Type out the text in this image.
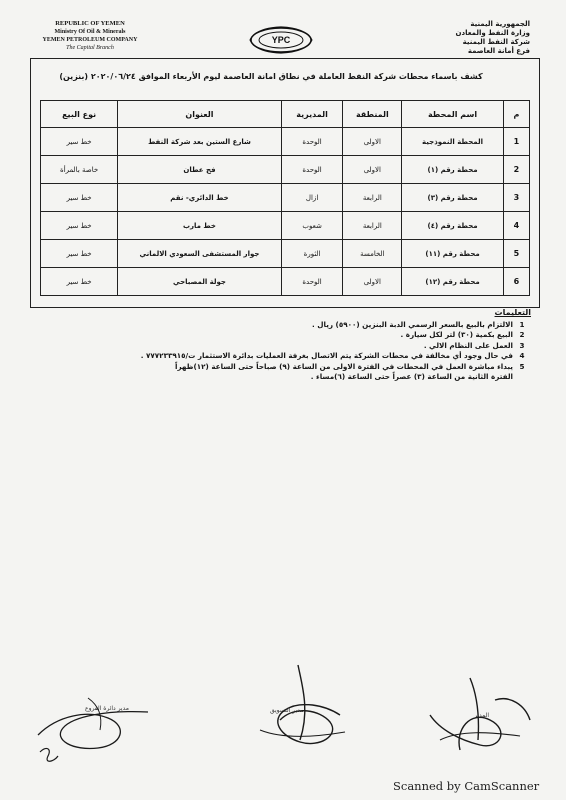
REPUBLIC OF YEMEN
Ministry Of Oil & Minerals
YEMEN PETROLEUM COMPANY
The Capital Branch
YPC
الجمهورية اليمنية
وزارة النفط والمعادن
شركة النفط اليمنية
فرع أمانة العاصمة
كشف باسماء محطات شركة النفط العاملة في نطاق امانة العاصمة ليوم الأربعاء الموافق ٢٠٢٠/٠٦/٢٤ (بنزين)
م	اسم المحطة	المنطقة	المديرية	العنوان	نوع البيع
1	المحطة النموذجية	الاولى	الوحدة	شارع الستين بعد شركة النفط	خط سير
2	محطة رقم (١)	الاولى	الوحدة	فج عطان	خاصة بالمرأة
3	محطة رقم (٣)	الرابعة	ازال	خط الدائري- نقم	خط سير
4	محطة رقم (٤)	الرابعة	شعوب	خط مارب	خط سير
5	محطة رقم (١١)	الخامسة	الثورة	جوار المستشفى السعودي الالماني	خط سير
6	محطة رقم (١٢)	الاولى	الوحدة	جولة المصباحي	خط سير
التعليمات
1
الالتزام بالبيع بالسعر الرسمي الدبة البنزين (٥٩٠٠) ريال .
2
البيع بكمية (٣٠) لتر لكل سيارة .
3
العمل على النظام الالي .
4
في حال وجود أي مخالفة في محطات الشركة يتم الاتصال بغرفة العمليات بدائرة الاستثمار ت/٧٧٧٢٣٣٩١٥ .
5
يبداء مباشرة العمل في المحطات في الفترة الاولى من الساعة (٩) صباحاً حتى الساعة (١٢)ظهراً
الفترة الثانية من الساعة (٣) عصراً حتى الساعة (٦)مساء .
المدير
مدير التسويق
مدير دائرة الفروع
Scanned by CamScanner
